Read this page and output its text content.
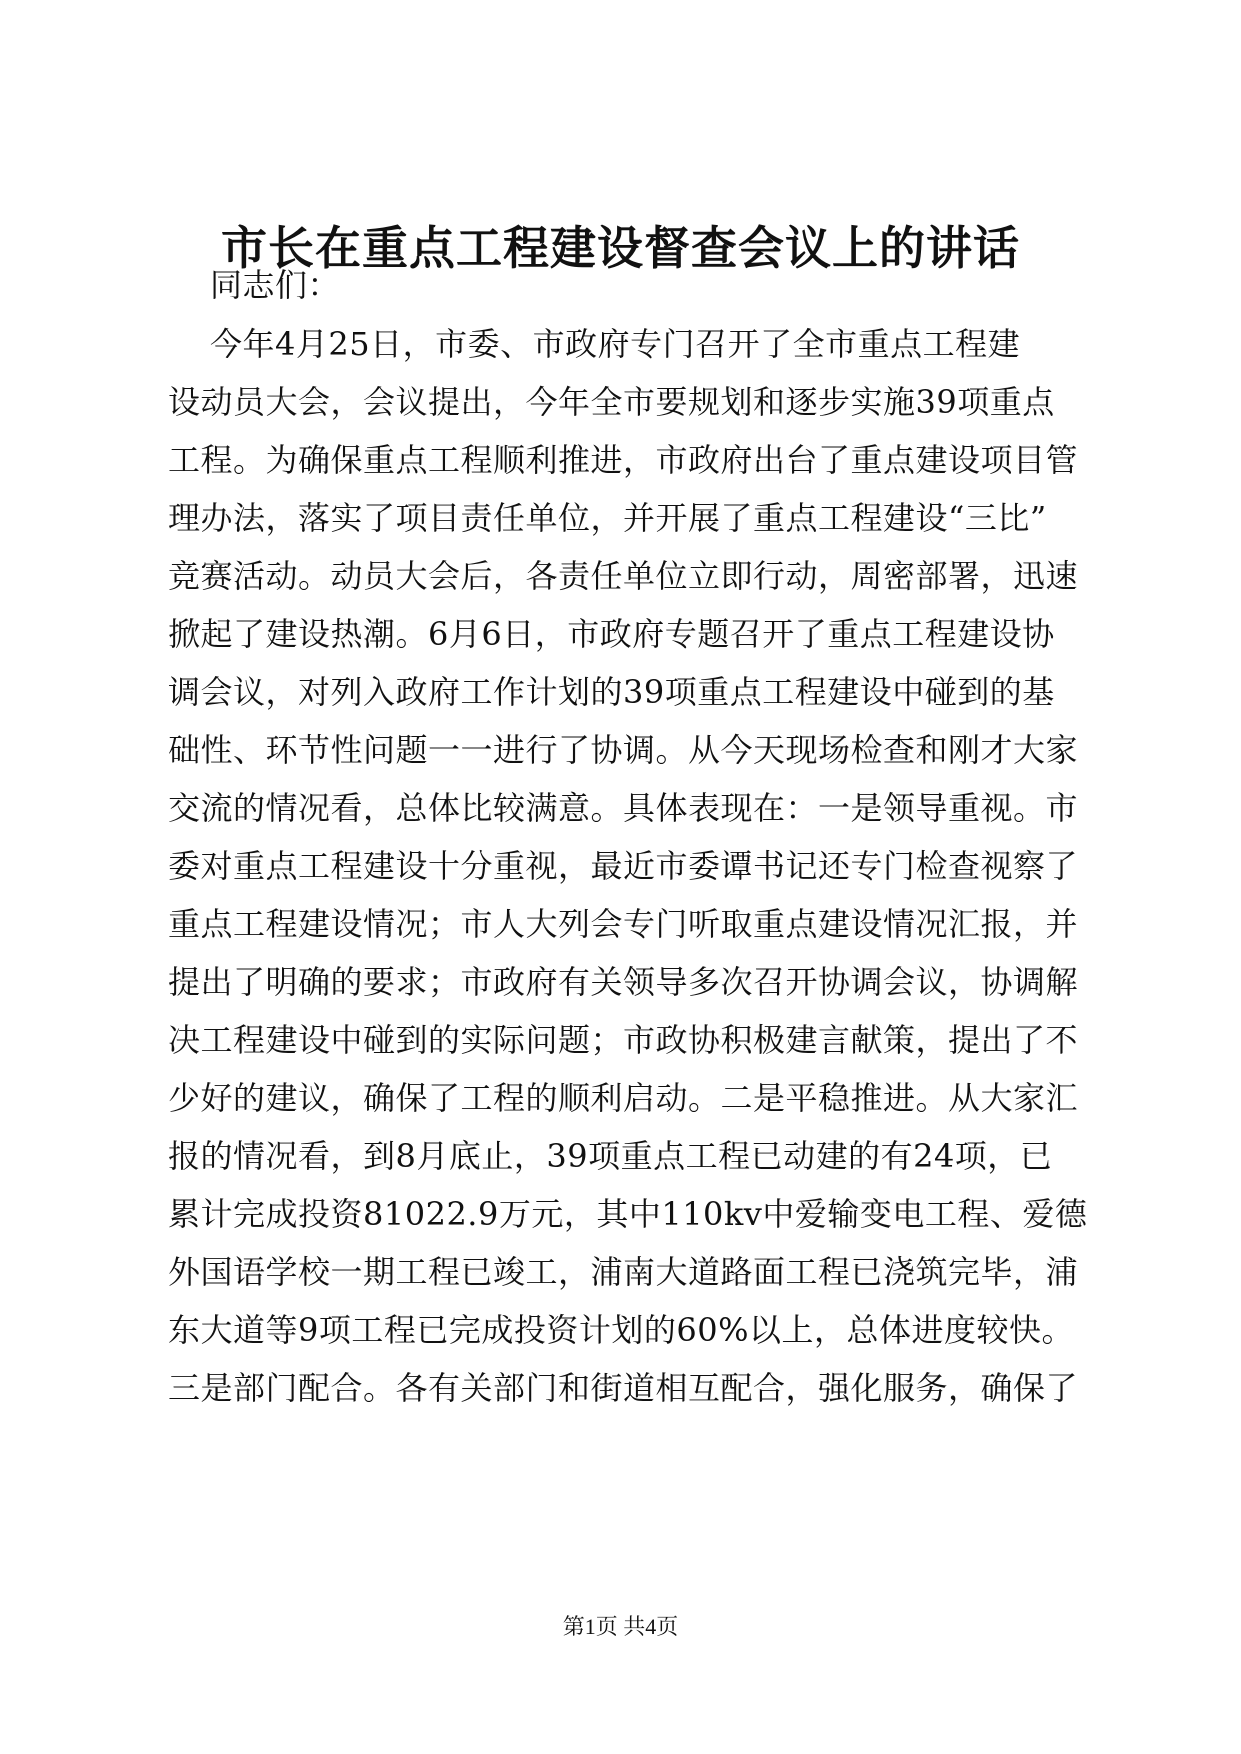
市长在重点工程建设督查会议上的讲话
同志们：
今年4月25日，市委、市政府专门召开了全市重点工程建
设动员大会，会议提出，今年全市要规划和逐步实施39项重点
工程。为确保重点工程顺利推进，市政府出台了重点建设项目管
理办法，落实了项目责任单位，并开展了重点工程建设“三比”
竞赛活动。动员大会后，各责任单位立即行动，周密部署，迅速
掀起了建设热潮。6月6日，市政府专题召开了重点工程建设协
调会议，对列入政府工作计划的39项重点工程建设中碰到的基
础性、环节性问题一一进行了协调。从今天现场检查和刚才大家
交流的情况看，总体比较满意。具体表现在：一是领导重视。市
委对重点工程建设十分重视，最近市委谭书记还专门检查视察了
重点工程建设情况；市人大列会专门听取重点建设情况汇报，并
提出了明确的要求；市政府有关领导多次召开协调会议，协调解
决工程建设中碰到的实际问题；市政协积极建言献策，提出了不
少好的建议，确保了工程的顺利启动。二是平稳推进。从大家汇
报的情况看，到8月底止，39项重点工程已动建的有24项，已
累计完成投资81022.9万元，其中110kv中爱输变电工程、爱德
外国语学校一期工程已竣工，浦南大道路面工程已浇筑完毕，浦
东大道等9项工程已完成投资计划的60%以上，总体进度较快。
三是部门配合。各有关部门和街道相互配合，强化服务，确保了
第1页 共4页
